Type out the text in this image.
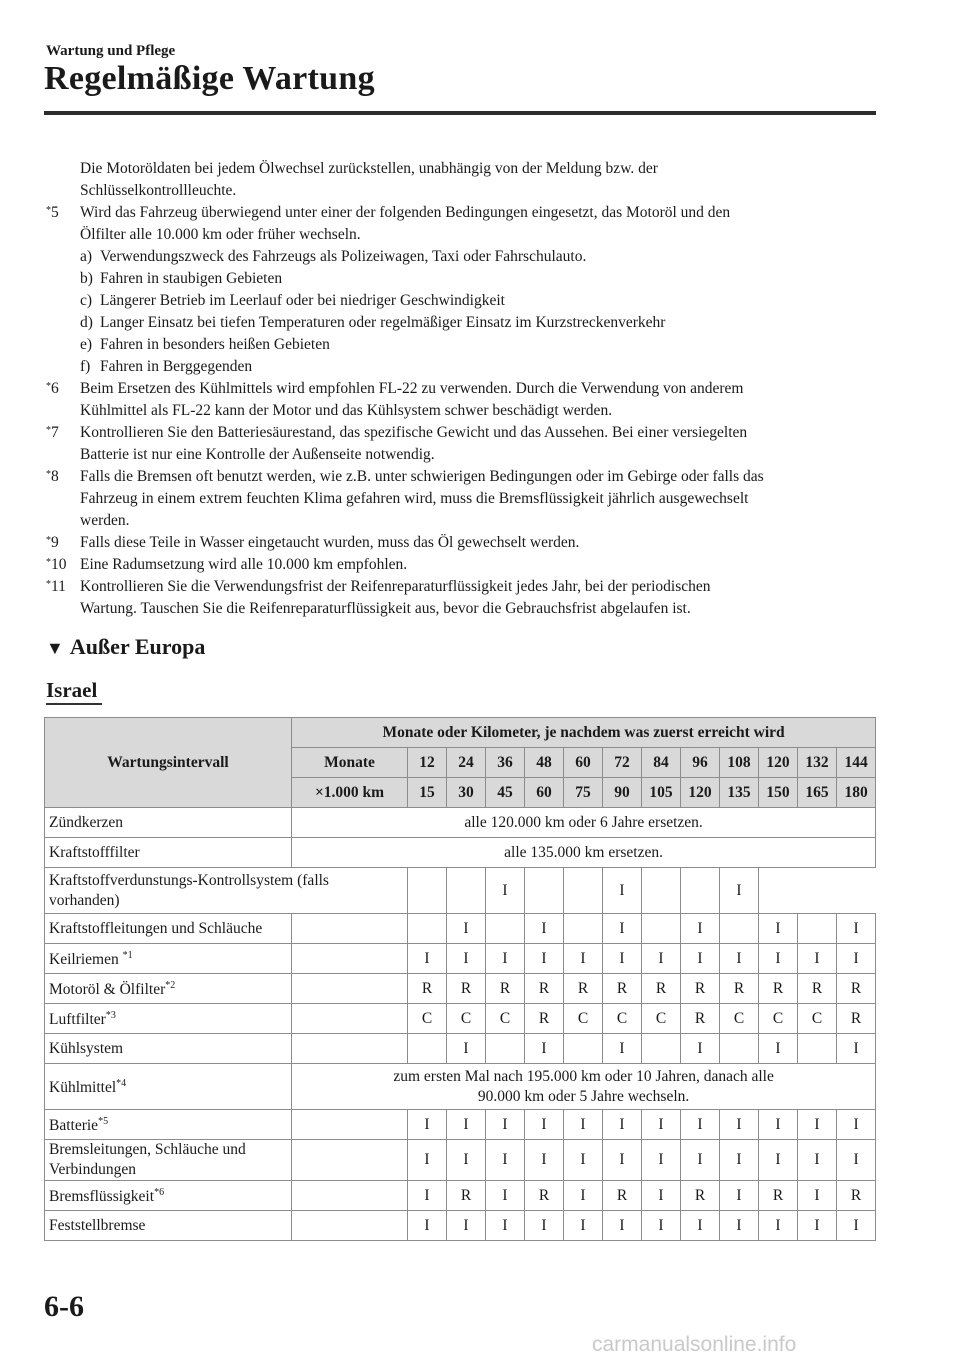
Wartung und Pflege
Regelmäßige Wartung
Die Motoröldaten bei jedem Ölwechsel zurückstellen, unabhängig von der Meldung bzw. der
Schlüsselkontrollleuchte.
*5 Wird das Fahrzeug überwiegend unter einer der folgenden Bedingungen eingesetzt, das Motoröl und den
Ölfilter alle 10.000 km oder früher wechseln.
a) Verwendungszweck des Fahrzeugs als Polizeiwagen, Taxi oder Fahrschulauto.
b) Fahren in staubigen Gebieten
c) Längerer Betrieb im Leerlauf oder bei niedriger Geschwindigkeit
d) Langer Einsatz bei tiefen Temperaturen oder regelmäßiger Einsatz im Kurzstreckenverkehr
e) Fahren in besonders heißen Gebieten
f) Fahren in Berggegenden
*6 Beim Ersetzen des Kühlmittels wird empfohlen FL-22 zu verwenden. Durch die Verwendung von anderem
Kühlmittel als FL-22 kann der Motor und das Kühlsystem schwer beschädigt werden.
*7 Kontrollieren Sie den Batteriesäurestand, das spezifische Gewicht und das Aussehen. Bei einer versiegelten
Batterie ist nur eine Kontrolle der Außenseite notwendig.
*8 Falls die Bremsen oft benutzt werden, wie z.B. unter schwierigen Bedingungen oder im Gebirge oder falls das
Fahrzeug in einem extrem feuchten Klima gefahren wird, muss die Bremsflüssigkeit jährlich ausgewechselt
werden.
*9 Falls diese Teile in Wasser eingetaucht wurden, muss das Öl gewechselt werden.
*10 Eine Radumsetzung wird alle 10.000 km empfohlen.
*11 Kontrollieren Sie die Verwendungsfrist der Reifenreparaturflüssigkeit jedes Jahr, bei der periodischen
Wartung. Tauschen Sie die Reifenreparaturflüssigkeit aus, bevor die Gebrauchsfrist abgelaufen ist.
▼ Außer Europa
Israel
Wartungsintervall	Monate oder Kilometer, je nachdem was zuerst erreicht wird												
	Monate	12	24	36	48	60	72	84	96	108	120	132	144
	×1.000 km	15	30	45	60	75	90	105	120	135	150	165	180
Zündkerzen	alle 120.000 km oder 6 Jahre ersetzen.												

Kraftstofffilter	alle 135.000 km ersetzen.												

Kraftstoffverdunstungs-Kontrollsystem (falls
vorhanden)				I			I			I			
Kraftstoffleitungen und Schläuche			I		I		I		I		I		I
Keilriemen $^{*1}$		I	I	I	I	I	I	I	I	I	I	I	I
Motoröl & Ölfilter$^{*2}$		R	R	R	R	R	R	R	R	R	R	R	R
Luftfilter$^{*3}$		C	C	C	R	C	C	C	R	C	C	C	R
Kühlsystem			I		I		I		I		I		I
Kühlmittel$^{*4}$	zum ersten Mal nach 195.000 km oder 10 Jahren, danach alle
90.000 km oder 5 Jahre wechseln.												

Batterie$^{*5}$		I	I	I	I	I	I	I	I	I	I	I	I
Bremsleitungen, Schläuche und Verbindungen		I	I	I	I	I	I	I	I	I	I	I	I
Bremsflüssigkeit$^{*6}$		I	R	I	R	I	R	I	R	I	R	I	R
Feststellbremse		I	I	I	I	I	I	I	I	I	I	I	I
6-6
carmanualsonline.info
